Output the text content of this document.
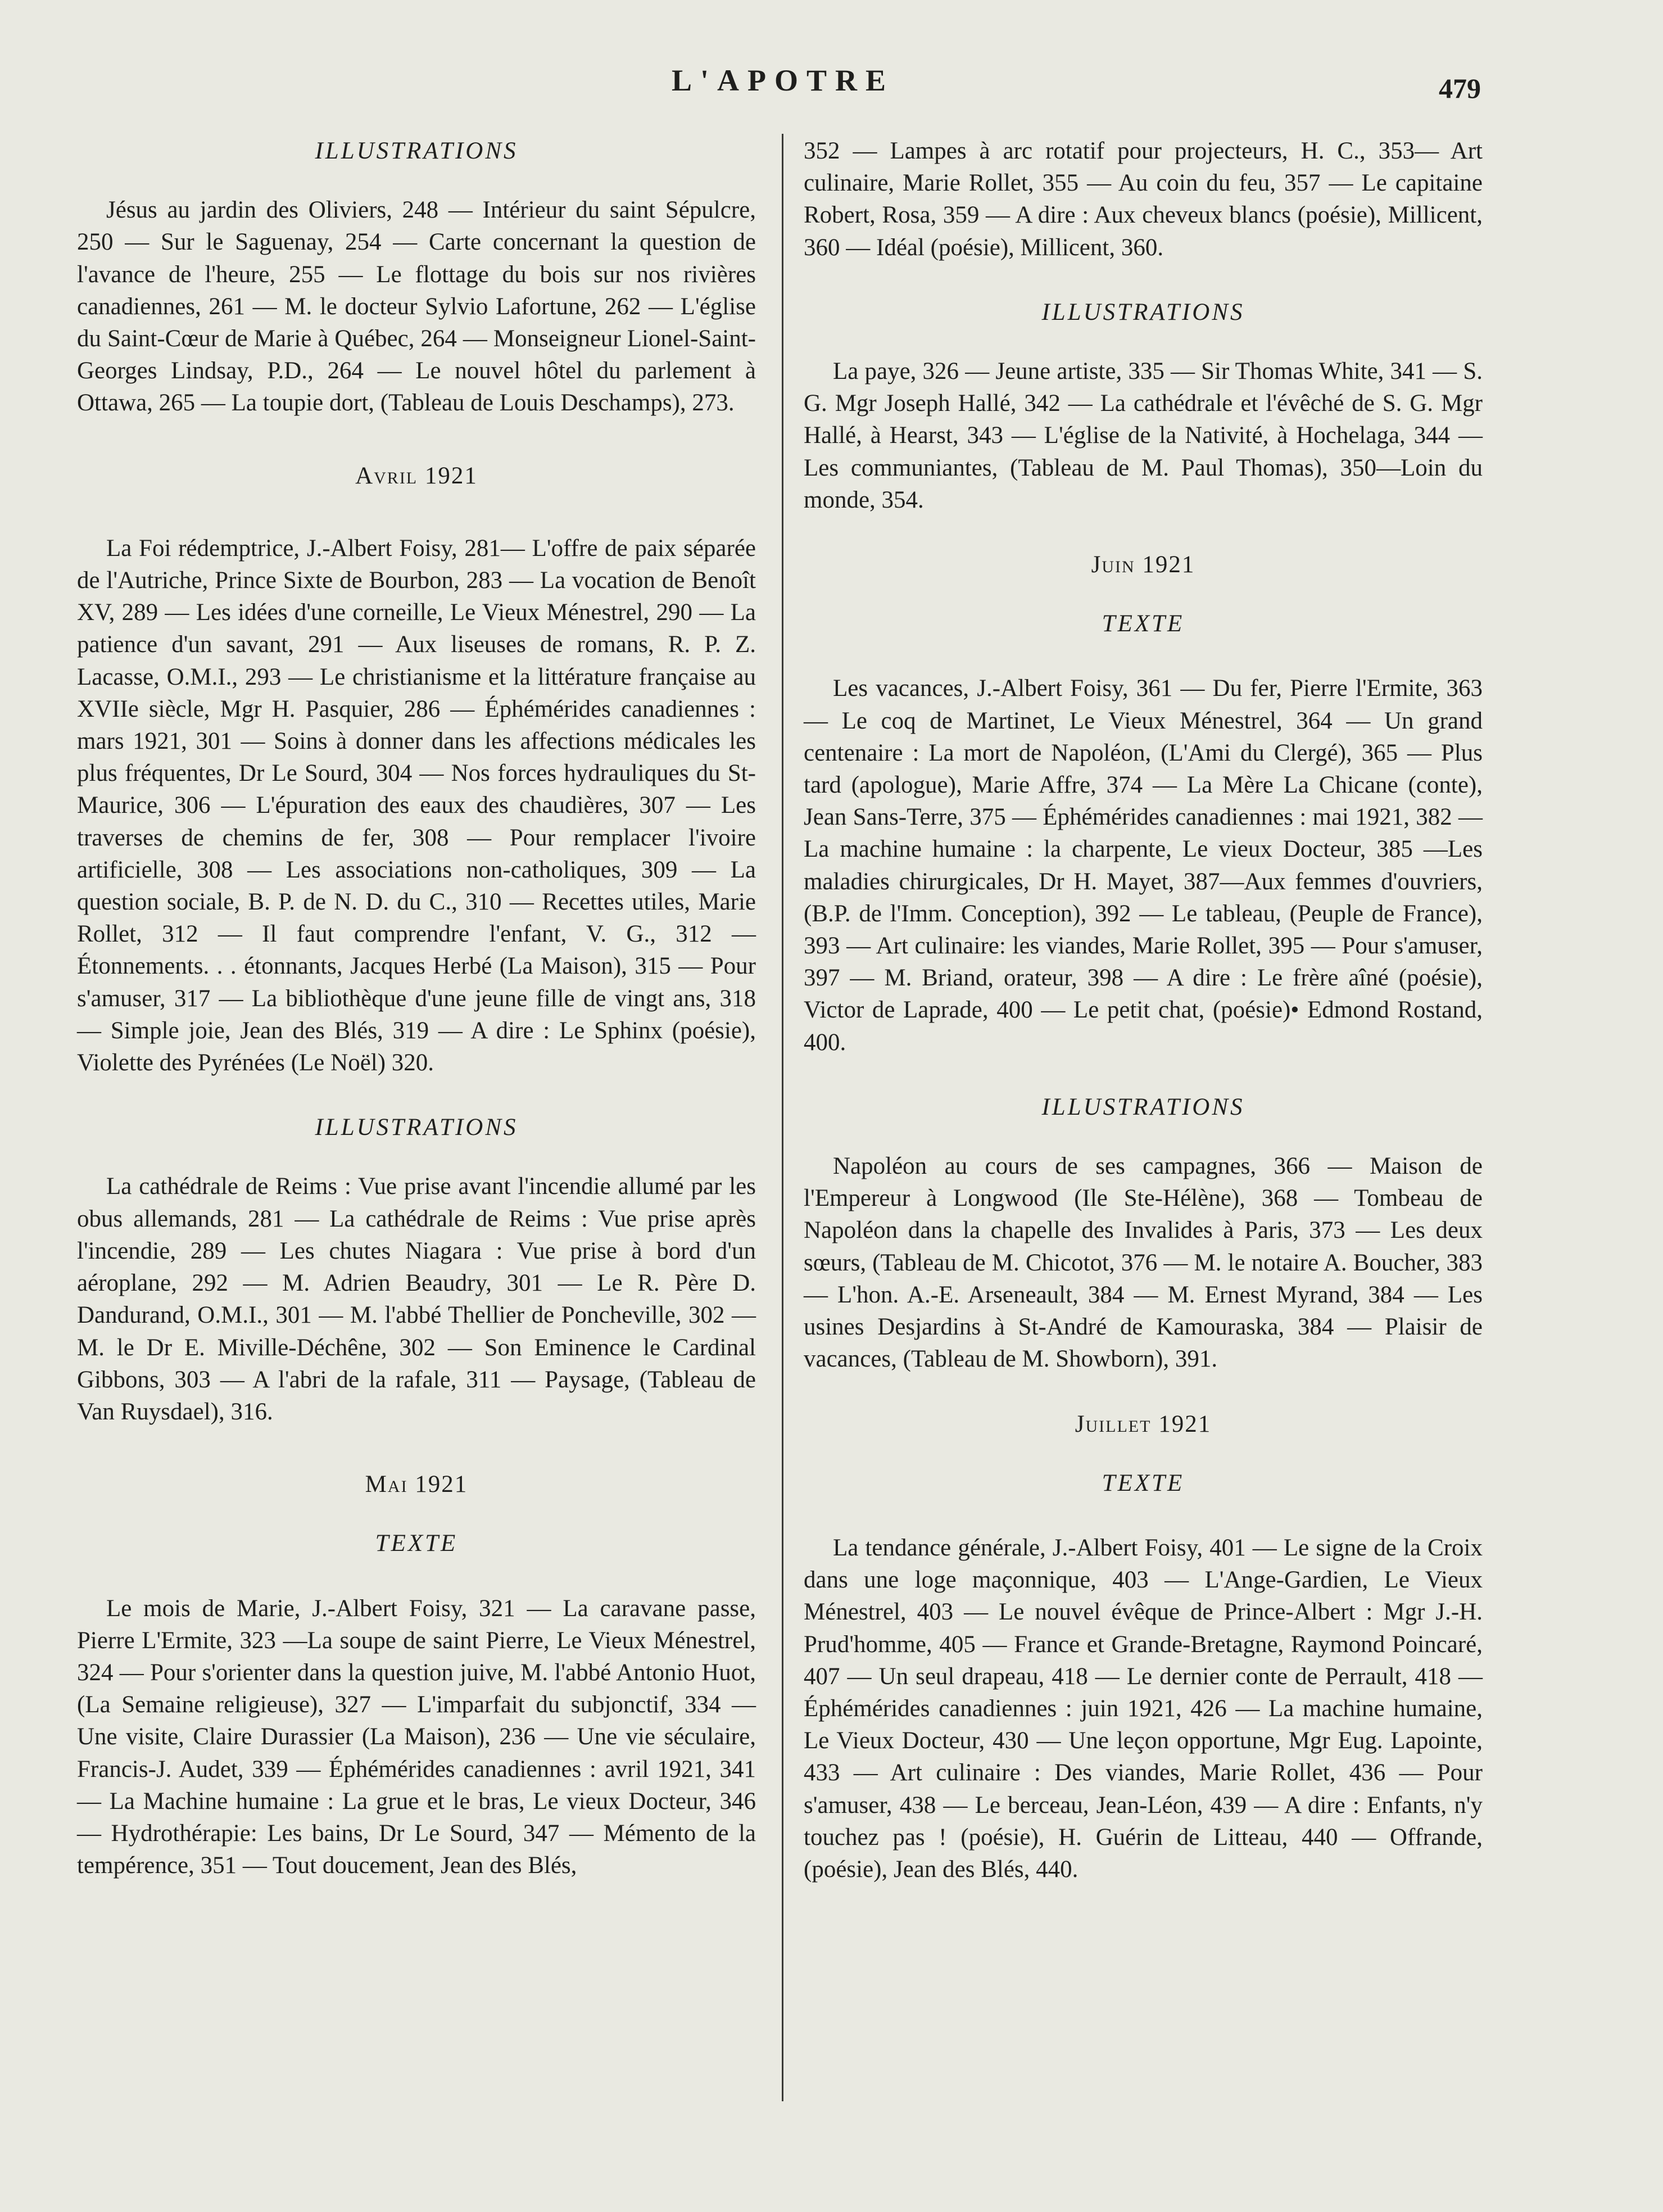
L'APOTRE	479
ILLUSTRATIONS

Jésus au jardin des Oliviers, 248 — Intérieur du saint Sépulcre, 250 — Sur le Saguenay, 254 — Carte concernant la question de l'avance de l'heure, 255 — Le flottage du bois sur nos rivières canadiennes, 261 — M. le docteur Sylvio Lafortune, 262 — L'église du Saint-Cœur de Marie à Québec, 264 — Monseigneur Lionel-Saint-Georges Lindsay, P.D., 264 — Le nouvel hôtel du parlement à Ottawa, 265 — La toupie dort, (Tableau de Louis Deschamps), 273.

Avril 1921

La Foi rédemptrice, J.-Albert Foisy, 281— L'offre de paix séparée de l'Autriche, Prince Sixte de Bourbon, 283 — La vocation de Benoît XV, 289 — Les idées d'une corneille, Le Vieux Ménestrel, 290 — La patience d'un savant, 291 — Aux liseuses de romans, R. P. Z. Lacasse, O.M.I., 293 — Le christianisme et la littérature française au XVIIe siècle, Mgr H. Pasquier, 286 — Éphémérides canadiennes : mars 1921, 301 — Soins à donner dans les affections médicales les plus fréquentes, Dr Le Sourd, 304 — Nos forces hydrauliques du St-Maurice, 306 — L'épuration des eaux des chaudières, 307 — Les traverses de chemins de fer, 308 — Pour remplacer l'ivoire artificielle, 308 — Les associations non-catholiques, 309 — La question sociale, B. P. de N. D. du C., 310 — Recettes utiles, Marie Rollet, 312 — Il faut comprendre l'enfant, V. G., 312 — Étonnements. . . étonnants, Jacques Herbé (La Maison), 315 — Pour s'amuser, 317 — La bibliothèque d'une jeune fille de vingt ans, 318 — Simple joie, Jean des Blés, 319 — A dire : Le Sphinx (poésie), Violette des Pyrénées (Le Noël) 320.

ILLUSTRATIONS

La cathédrale de Reims : Vue prise avant l'incendie allumé par les obus allemands, 281 — La cathédrale de Reims : Vue prise après l'incendie, 289 — Les chutes Niagara : Vue prise à bord d'un aéroplane, 292 — M. Adrien Beaudry, 301 — Le R. Père D. Dandurand, O.M.I., 301 — M. l'abbé Thellier de Poncheville, 302 — M. le Dr E. Miville-Déchêne, 302 — Son Eminence le Cardinal Gibbons, 303 — A l'abri de la rafale, 311 — Paysage, (Tableau de Van Ruysdael), 316.

Mai 1921
TEXTE

Le mois de Marie, J.-Albert Foisy, 321 — La caravane passe, Pierre L'Ermite, 323 —La soupe de saint Pierre, Le Vieux Ménestrel, 324 — Pour s'orienter dans la question juive, M. l'abbé Antonio Huot, (La Semaine religieuse), 327 — L'imparfait du subjonctif, 334 — Une visite, Claire Durassier (La Maison), 236 — Une vie séculaire, Francis-J. Audet, 339 — Éphémérides canadiennes : avril 1921, 341 — La Machine humaine : La grue et le bras, Le vieux Docteur, 346 — Hydrothérapie: Les bains, Dr Le Sourd, 347 — Mémento de la tempérence, 351 — Tout doucement, Jean des Blés,

352 — Lampes à arc rotatif pour projecteurs, H. C., 353— Art culinaire, Marie Rollet, 355 — Au coin du feu, 357 — Le capitaine Robert, Rosa, 359 — A dire : Aux cheveux blancs (poésie), Millicent, 360 — Idéal (poésie), Millicent, 360.

ILLUSTRATIONS

La paye, 326 — Jeune artiste, 335 — Sir Thomas White, 341 — S. G. Mgr Joseph Hallé, 342 — La cathédrale et l'évêché de S. G. Mgr Hallé, à Hearst, 343 — L'église de la Nativité, à Hochelaga, 344 — Les communiantes, (Tableau de M. Paul Thomas), 350—Loin du monde, 354.

Juin 1921
TEXTE

Les vacances, J.-Albert Foisy, 361 — Du fer, Pierre l'Ermite, 363 — Le coq de Martinet, Le Vieux Ménestrel, 364 — Un grand centenaire : La mort de Napoléon, (L'Ami du Clergé), 365 — Plus tard (apologue), Marie Affre, 374 — La Mère La Chicane (conte), Jean Sans-Terre, 375 — Éphémérides canadiennes : mai 1921, 382 — La machine humaine : la charpente, Le vieux Docteur, 385 —Les maladies chirurgicales, Dr H. Mayet, 387—Aux femmes d'ouvriers, (B.P. de l'Imm. Conception), 392 — Le tableau, (Peuple de France), 393 — Art culinaire: les viandes, Marie Rollet, 395 — Pour s'amuser, 397 — M. Briand, orateur, 398 — A dire : Le frère aîné (poésie), Victor de Laprade, 400 — Le petit chat, (poésie)• Edmond Rostand, 400.

ILLUSTRATIONS

Napoléon au cours de ses campagnes, 366 — Maison de l'Empereur à Longwood (Ile Ste-Hélène), 368 — Tombeau de Napoléon dans la chapelle des Invalides à Paris, 373 — Les deux sœurs, (Tableau de M. Chicotot, 376 — M. le notaire A. Boucher, 383 — L'hon. A.-E. Arseneault, 384 — M. Ernest Myrand, 384 — Les usines Desjardins à St-André de Kamouraska, 384 — Plaisir de vacances, (Tableau de M. Showborn), 391.

Juillet 1921
TEXTE

La tendance générale, J.-Albert Foisy, 401 — Le signe de la Croix dans une loge maçonnique, 403 — L'Ange-Gardien, Le Vieux Ménestrel, 403 — Le nouvel évêque de Prince-Albert : Mgr J.-H. Prud'homme, 405 — France et Grande-Bretagne, Raymond Poincaré, 407 — Un seul drapeau, 418 — Le dernier conte de Perrault, 418 — Éphémérides canadiennes : juin 1921, 426 — La machine humaine, Le Vieux Docteur, 430 — Une leçon opportune, Mgr Eug. Lapointe, 433 — Art culinaire : Des viandes, Marie Rollet, 436 — Pour s'amuser, 438 — Le berceau, Jean-Léon, 439 — A dire : Enfants, n'y touchez pas ! (poésie), H. Guérin de Litteau, 440 — Offrande, (poésie), Jean des Blés, 440.
